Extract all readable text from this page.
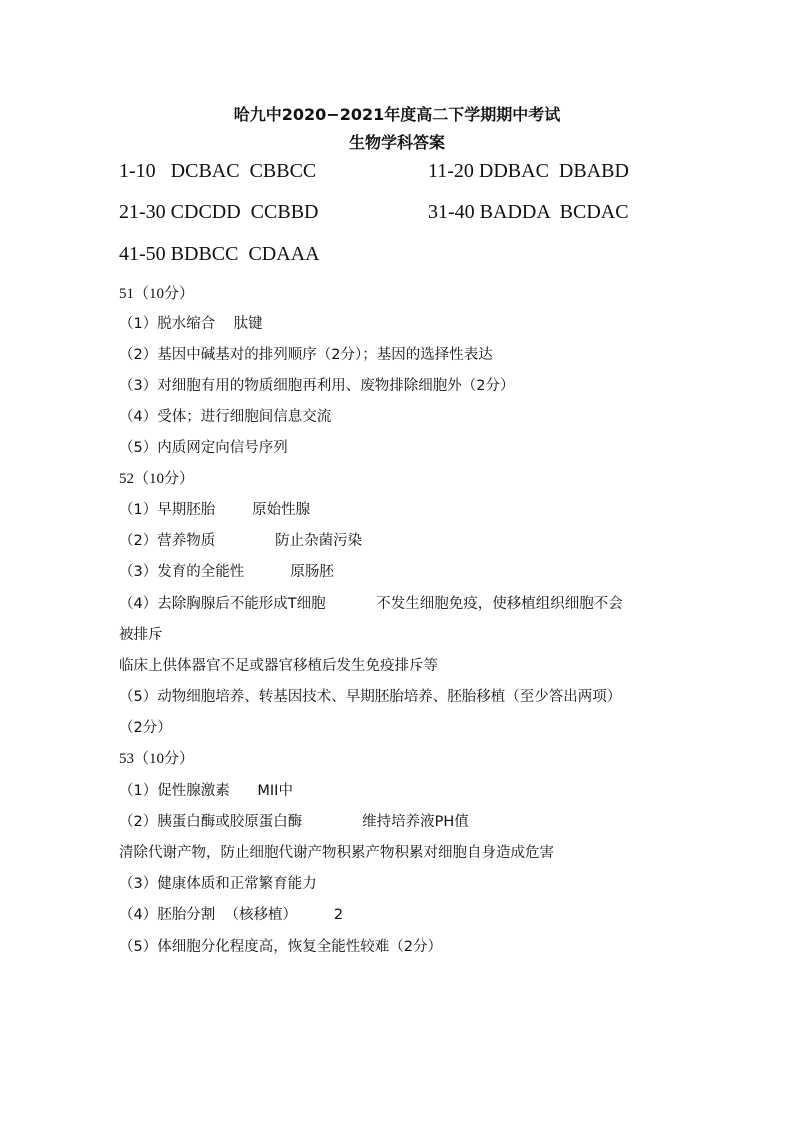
哈九中2020−2021年度高二下学期期中考试
生物学科答案
1-10   DCBAC  CBBCC	11-20 DDBAC  DBABD
21-30 CDCDD  CCBBD	31-40 BADDA  BCDAC
41-50 BDBCC  CDAAA
51（10分）
（1）脱水缩合    肽键
（2）基因中碱基对的排列顺序（2分）；基因的选择性表达
（3）对细胞有用的物质细胞再利用、废物排除细胞外（2分）
（4）受体；进行细胞间信息交流
（5）内质网定向信号序列
52（10分）
（1）早期胚胎        原始性腺
（2）营养物质             防止杂菌污染
（3）发育的全能性          原肠胚
（4）去除胸腺后不能形成T细胞           不发生细胞免疫，使移植组织细胞不会
被排斥
临床上供体器官不足或器官移植后发生免疫排斥等
（5）动物细胞培养、转基因技术、早期胚胎培养、胚胎移植（至少答出两项）
（2分）
53（10分）
（1）促性腺激素      MII中
（2）胰蛋白酶或胶原蛋白酶             维持培养液PH值
清除代谢产物，防止细胞代谢产物积累产物积累对细胞自身造成危害
（3）健康体质和正常繁育能力
（4）胚胎分割  （核移植）        2
（5）体细胞分化程度高，恢复全能性较难（2分）
